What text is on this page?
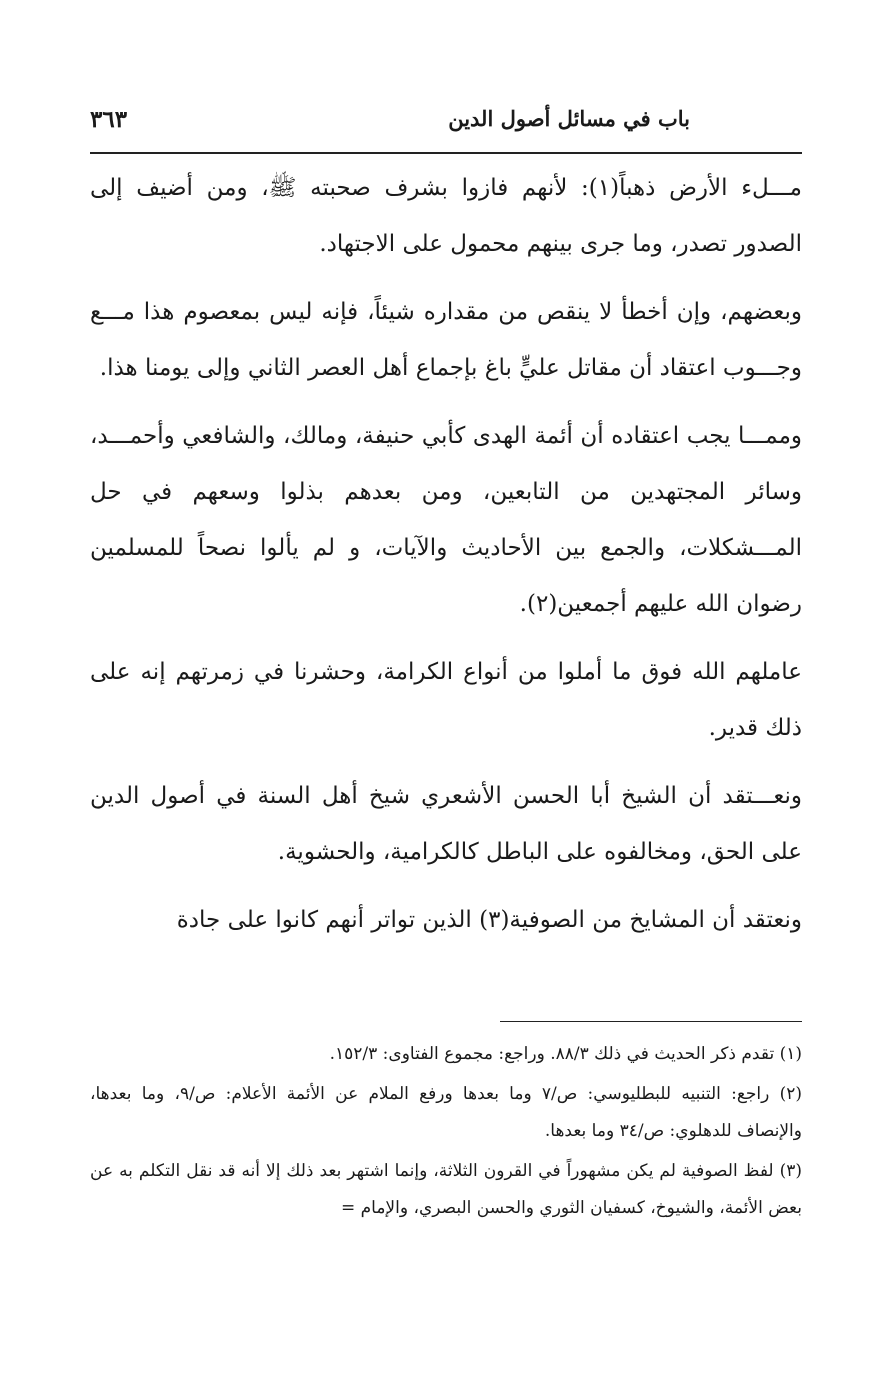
باب في مسائل أصول الدين
٣٦٣

مـــلء الأرض ذهباً(١): لأنهم فازوا بشرف صحبته ﷺ، ومن أضيف إلى الصدور تصدر، وما جرى بينهم محمول على الاجتهاد.

وبعضهم، وإن أخطأ لا ينقص من مقداره شيئاً، فإنه ليس بمعصوم هذا مـــع وجـــوب اعتقاد أن مقاتل عليٍّ باغ بإجماع أهل العصر الثاني وإلى يومنا هذا.

وممـــا يجب اعتقاده أن أئمة الهدى كأبي حنيفة، ومالك، والشافعي وأحمـــد، وسائر المجتهدين من التابعين، ومن بعدهم بذلوا وسعهم في حل المـــشكلات، والجمع بين الأحاديث والآيات، و لم يألوا نصحاً للمسلمين رضوان الله عليهم أجمعين(٢).

عاملهم الله فوق ما أملوا من أنواع الكرامة، وحشرنا في زمرتهم إنه على ذلك قدير.

ونعـــتقد أن الشيخ أبا الحسن الأشعري شيخ أهل السنة في أصول الدين على الحق، ومخالفوه على الباطل كالكرامية، والحشوية.

ونعتقد أن المشايخ من الصوفية(٣) الذين تواتر أنهم كانوا على جادة

(١) تقدم ذكر الحديث في ذلك ٨٨/٣. وراجع: مجموع الفتاوى: ١٥٢/٣.

(٢) راجع: التنبيه للبطليوسي: ص/٧ وما بعدها ورفع الملام عن الأئمة الأعلام: ص/٩، وما بعدها، والإنصاف للدهلوي: ص/٣٤ وما بعدها.

(٣) لفظ الصوفية لم يكن مشهوراً في القرون الثلاثة، وإنما اشتهر بعد ذلك إلا أنه قد نقل التكلم به عن بعض الأئمة، والشيوخ، كسفيان الثوري والحسن البصري، والإمام =
